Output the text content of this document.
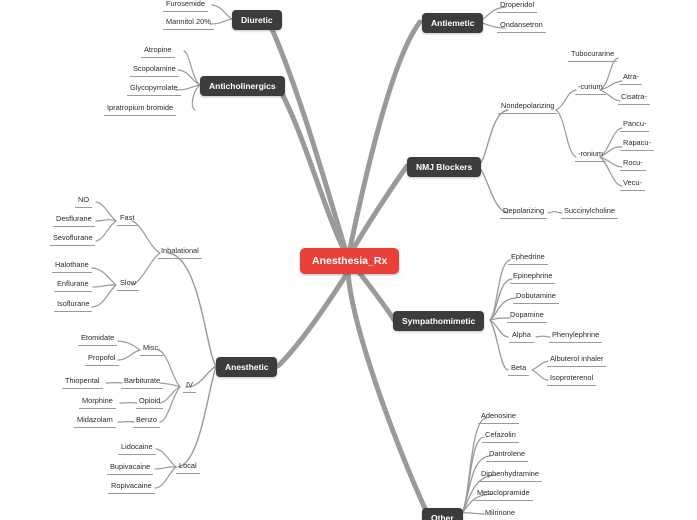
Anesthesia_Rx
Diuretic
Furosemide
Mannitol 20%
Anticholinergics
Atropine
Scopolamine
Glycopyrrolate
Ipratropium bromide
Antiemetic
Droperidol
Ondansetron
NMJ Blockers
Nondepolarizing
Depolarizing	Succinylcholine
-curium
-ronium
Tubocurarine
Atra-
Cisatra-
Pancu-
Rapacu-
Rocu-
Vecu-
Sympathomimetic
Ephedrine
Epinephrine
Dobutamine
Dopamine
Alpha	Phenylephrine
Beta
Albuterol inhaler
Isoproterenol
Anesthetic
Inhalational
IV
Local
Fast
NO
Desflurane
Sevoflurane
Slow
Halothane
Enflurane
Isoflurane
Misc.
Etomidate
Propofol
Barbiturate
Thiopental
Opioid
Morphine
Benzo
Midazolam
Lidocaine
Bupivacaine
Ropivacaine
Other
Adenosine
Cefazolin
Dantrolene
Diphenhydramine
Metoclopramide
Milrinone
